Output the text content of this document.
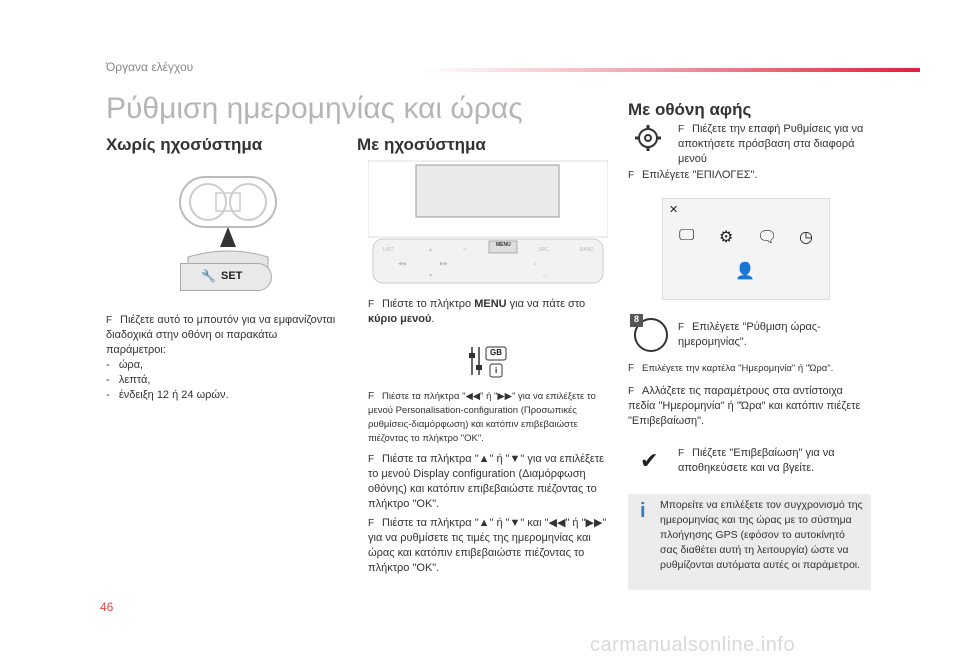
Όργανα ελέγχου
Ρύθμιση ημερομηνίας και ώρας
Χωρίς ηχοσύστημα
🔧 SET
F Πιέζετε αυτό το μπουτόν για να εμφανίζονται διαδοχικά στην οθόνη οι παρακάτω παράμετροι:
-   ώρα,
-   λεπτά,
-   ένδειξη 12 ή 24 ωρών.
Με ηχοσύστημα
LIST	▲	↵	SRC	BAND
◀◀	▶▶	♫
▼	▭
MENU
F Πιέστε το πλήκτρο MENU για να πάτε στο κύριο μενού.
GB
i
F Πιέστε τα πλήκτρα "◀◀" ή "▶▶" για να επιλέξετε το μενού Personalisation-configuration (Προσωπικές ρυθμίσεις-διαμόρφωση) και κατόπιν επιβεβαιώστε πιέζοντας το πλήκτρο "OK".
F Πιέστε τα πλήκτρα "▲" ή "▼" για να επιλέξετε το μενού Display configuration (Διαμόρφωση οθόνης) και κατόπιν επιβεβαιώστε πιέζοντας το πλήκτρο "OK".
F Πιέστε τα πλήκτρα "▲" ή "▼" και "◀◀" ή "▶▶" για να ρυθμίσετε τις τιμές της ημερομηνίας και ώρας και κατόπιν επιβεβαιώστε πιέζοντας το πλήκτρο "OK".
Με οθόνη αφής
F Πιέζετε την επαφή Ρυθμίσεις για να αποκτήσετε πρόσβαση στα διαφορά μενού
F Επιλέγετε "ΕΠΙΛΟΓΕΣ".
✕
🖵 ⚙ 🗨 ◷
👤
8
F Επιλέγετε "Ρύθμιση ώρας-ημερομηνίας".
F Επιλέγετε την καρτέλα "Ημερομηνία" ή "Ώρα".
F Αλλάζετε τις παραμέτρους στα αντίστοιχα πεδία "Ημερομηνία" ή "Ώρα" και κατόπιν πιέζετε "Επιβεβαίωση".
✔ F Πιέζετε "Επιβεβαίωση" για να αποθηκεύσετε και να βγείτε.
i	Μπορείτε να επιλέξετε τον συγχρονισμό της ημερομηνίας και της ώρας με το σύστημα πλοήγησης GPS (εφόσον το αυτοκίνητό σας διαθέτει αυτή τη λειτουργία) ώστε να ρυθμίζονται αυτόματα αυτές οι παράμετροι.
46
carmanualsonline.info
